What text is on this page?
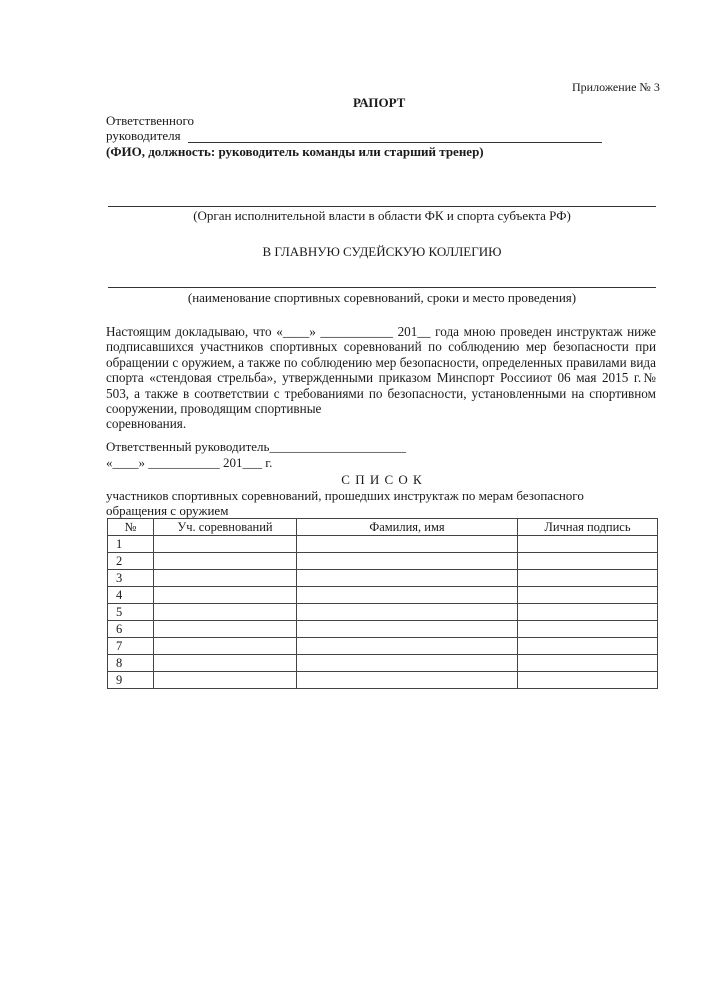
Приложение № 3
РАПОРТ
Ответственного
руководителя
(ФИО, должность: руководитель команды или старший тренер)
(Орган исполнительной власти в области ФК и спорта субъекта РФ)
В ГЛАВНУЮ СУДЕЙСКУЮ КОЛЛЕГИЮ
(наименование спортивных соревнований, сроки и место проведения)
Настоящим докладываю, что «____» ___________ 201__ года мною проведен инструктаж ниже подписавшихся участников спортивных соревнований по соблюдению мер безопасности при обращении с оружием, а также по соблюдению мер безопасности, определенных правилами вида спорта «стендовая стрельба», утвержденными приказом Минспорт Россииот 06 мая 2015 г.№ 503, а также в соответствии с требованиями по безопасности, установленными на спортивном сооружении, проводящим спортивные
соревнования.
Ответственный руководитель_____________________
«____» ___________ 201___ г.
С П И С О К
участников спортивных соревнований, прошедших инструктаж по мерам безопасного
обращения с оружием
№	Уч. соревнований	Фамилия, имя	Личная подпись
1			
2			
3			
4			
5			
6			
7			
8			
9			
